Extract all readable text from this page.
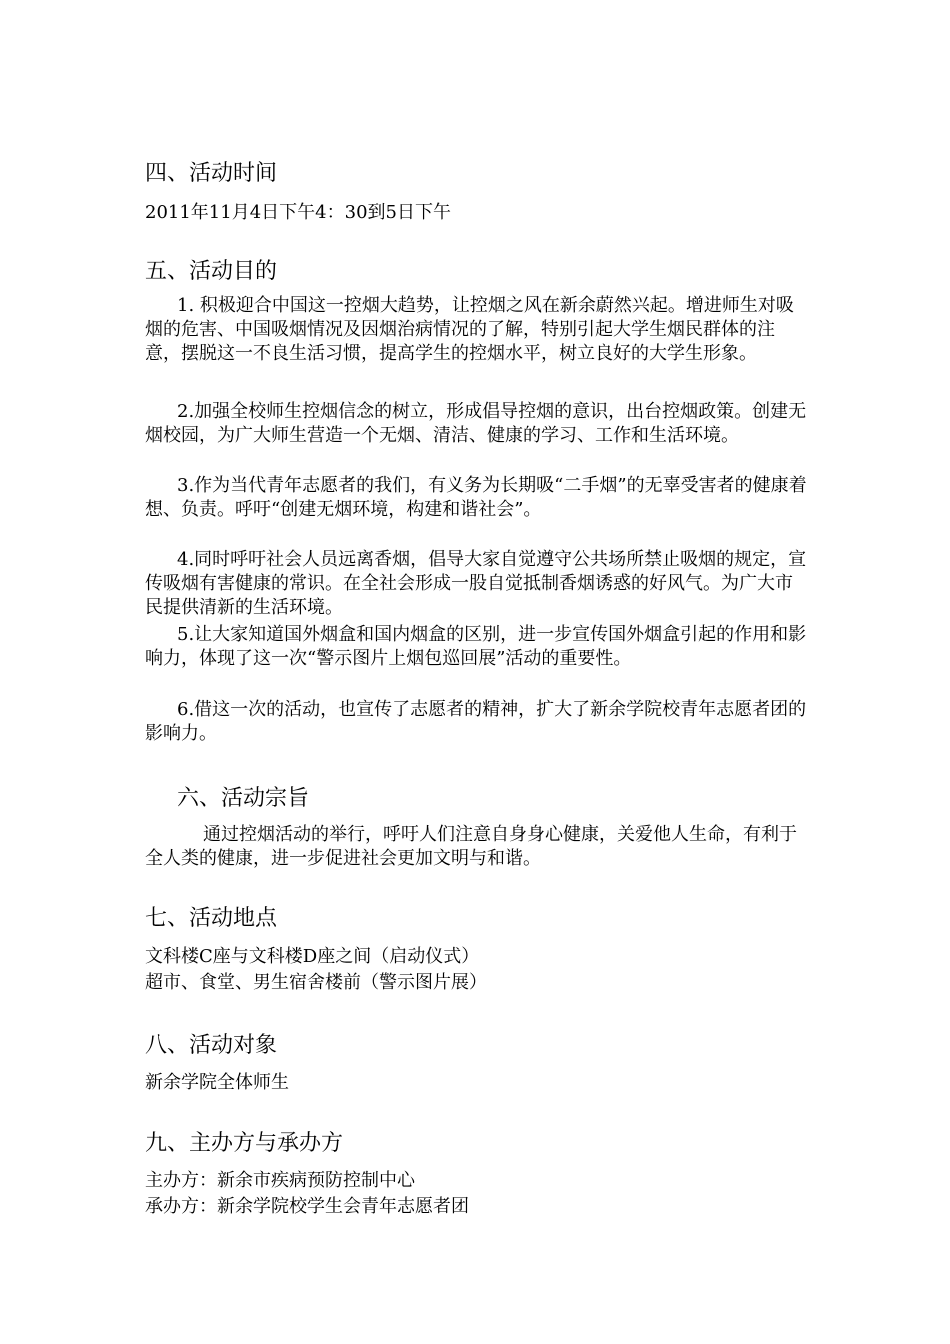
四、活动时间
2011年11月4日下午4：30到5日下午
五、活动目的
1. 积极迎合中国这一控烟大趋势，让控烟之风在新余蔚然兴起。增进师生对吸烟的危害、中国吸烟情况及因烟治病情况的了解，特别引起大学生烟民群体的注意，摆脱这一不良生活习惯，提高学生的控烟水平，树立良好的大学生形象。
2.加强全校师生控烟信念的树立，形成倡导控烟的意识，出台控烟政策。创建无烟校园，为广大师生营造一个无烟、清洁、健康的学习、工作和生活环境。
3.作为当代青年志愿者的我们，有义务为长期吸“二手烟”的无辜受害者的健康着想、负责。呼吁“创建无烟环境，构建和谐社会”。
4.同时呼吁社会人员远离香烟，倡导大家自觉遵守公共场所禁止吸烟的规定，宣传吸烟有害健康的常识。在全社会形成一股自觉抵制香烟诱惑的好风气。为广大市民提供清新的生活环境。
5.让大家知道国外烟盒和国内烟盒的区别，进一步宣传国外烟盒引起的作用和影响力，体现了这一次“警示图片上烟包巡回展”活动的重要性。
6.借这一次的活动，也宣传了志愿者的精神，扩大了新余学院校青年志愿者团的影响力。
六、活动宗旨
通过控烟活动的举行，呼吁人们注意自身身心健康，关爱他人生命，有利于全人类的健康，进一步促进社会更加文明与和谐。
七、活动地点
文科楼C座与文科楼D座之间（启动仪式）
超市、食堂、男生宿舍楼前（警示图片展）
八、活动对象
新余学院全体师生
九、主办方与承办方
主办方：新余市疾病预防控制中心
承办方：新余学院校学生会青年志愿者团
